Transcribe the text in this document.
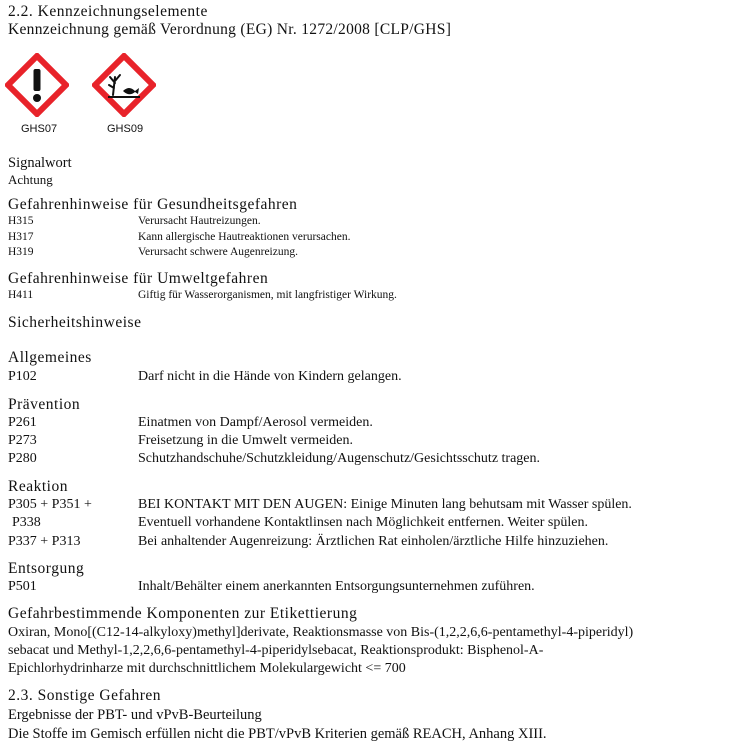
2.2. Kennzeichnungselemente
Kennzeichnung gemäß Verordnung (EG) Nr. 1272/2008 [CLP/GHS]
GHS07	GHS09
Signalwort
Achtung
Gefahrenhinweise für Gesundheitsgefahren
H315	Verursacht Hautreizungen.
H317	Kann allergische Hautreaktionen verursachen.
H319	Verursacht schwere Augenreizung.
Gefahrenhinweise für Umweltgefahren
H411	Giftig für Wasserorganismen, mit langfristiger Wirkung.
Sicherheitshinweise
Allgemeines
P102	Darf nicht in die Hände von Kindern gelangen.
Prävention
P261	Einatmen von Dampf/Aerosol vermeiden.
P273	Freisetzung in die Umwelt vermeiden.
P280	Schutzhandschuhe/Schutzkleidung/Augenschutz/Gesichtsschutz tragen.
Reaktion
P305 + P351 +	BEI KONTAKT MIT DEN AUGEN: Einige Minuten lang behutsam mit Wasser spülen.
P338	Eventuell vorhandene Kontaktlinsen nach Möglichkeit entfernen. Weiter spülen.
P337 + P313	Bei anhaltender Augenreizung: Ärztlichen Rat einholen/ärztliche Hilfe hinzuziehen.
Entsorgung
P501	Inhalt/Behälter einem anerkannten Entsorgungsunternehmen zuführen.
Gefahrbestimmende Komponenten zur Etikettierung
Oxiran, Mono[(C12-14-alkyloxy)methyl]derivate, Reaktionsmasse von Bis-(1,2,2,6,6-pentamethyl-4-piperidyl)
sebacat und Methyl-1,2,2,6,6-pentamethyl-4-piperidylsebacat, Reaktionsprodukt: Bisphenol-A-
Epichlorhydrinharze mit durchschnittlichem Molekulargewicht <= 700
2.3. Sonstige Gefahren
Ergebnisse der PBT- und vPvB-Beurteilung
Die Stoffe im Gemisch erfüllen nicht die PBT/vPvB Kriterien gemäß REACH, Anhang XIII.
